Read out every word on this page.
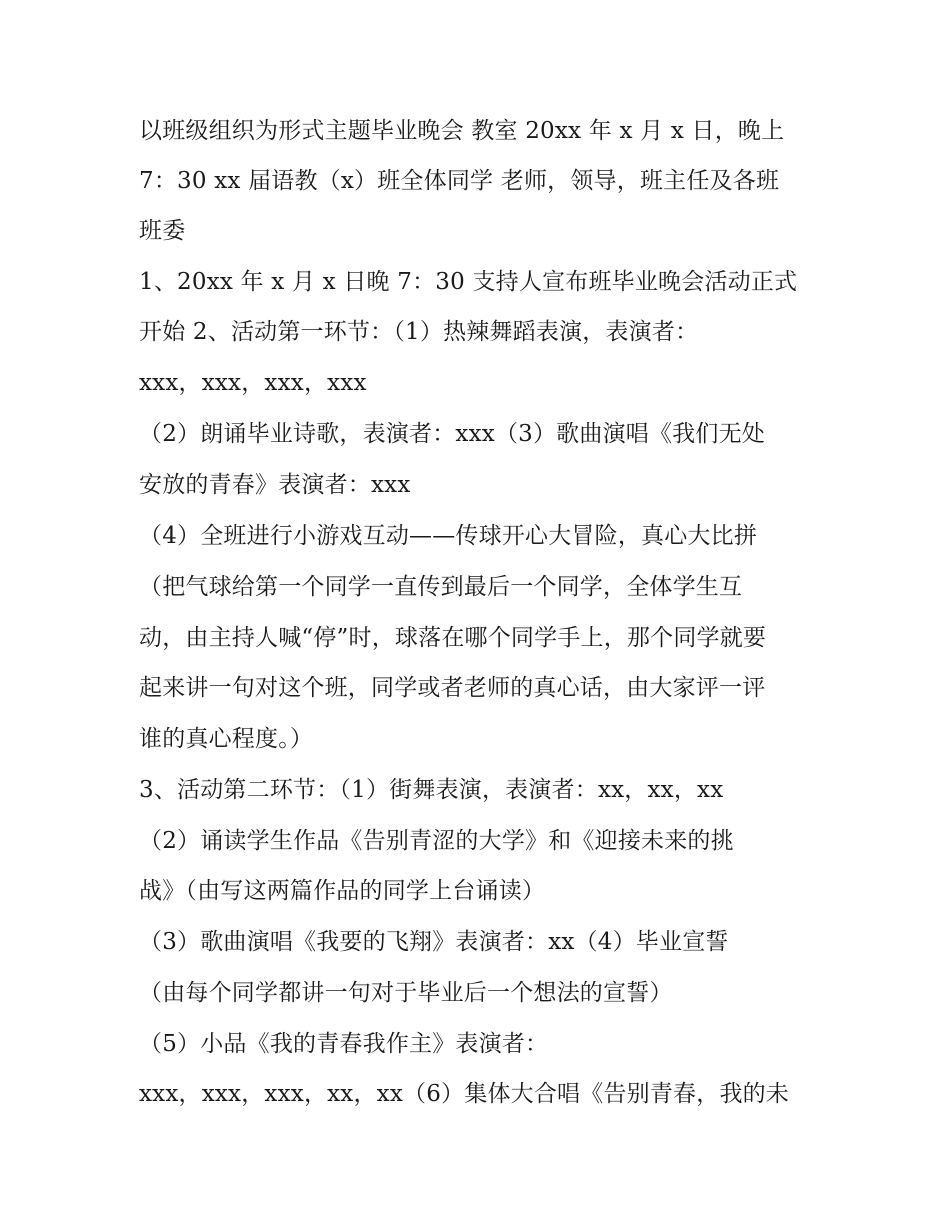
以班级组织为形式主题毕业晚会 教室 20xx 年 x 月 x 日，晚上
7：30 xx 届语教（x）班全体同学 老师，领导，班主任及各班
班委
1、20xx 年 x 月 x 日晚 7：30 支持人宣布班毕业晚会活动正式
开始 2、活动第一环节：（1）热辣舞蹈表演，表演者：
xxx，xxx，xxx，xxx
（2）朗诵毕业诗歌，表演者：xxx（3）歌曲演唱《我们无处
安放的青春》表演者：xxx
（4）全班进行小游戏互动——传球开心大冒险，真心大比拼
（把气球给第一个同学一直传到最后一个同学，全体学生互
动，由主持人喊“停”时，球落在哪个同学手上，那个同学就要
起来讲一句对这个班，同学或者老师的真心话，由大家评一评
谁的真心程度。）
3、活动第二环节：（1）街舞表演，表演者：xx，xx，xx
（2）诵读学生作品《告别青涩的大学》和《迎接未来的挑
战》（由写这两篇作品的同学上台诵读）
（3）歌曲演唱《我要的飞翔》表演者：xx（4）毕业宣誓
（由每个同学都讲一句对于毕业后一个想法的宣誓）
（5）小品《我的青春我作主》表演者：
xxx，xxx，xxx，xx，xx（6）集体大合唱《告别青春，我的未
